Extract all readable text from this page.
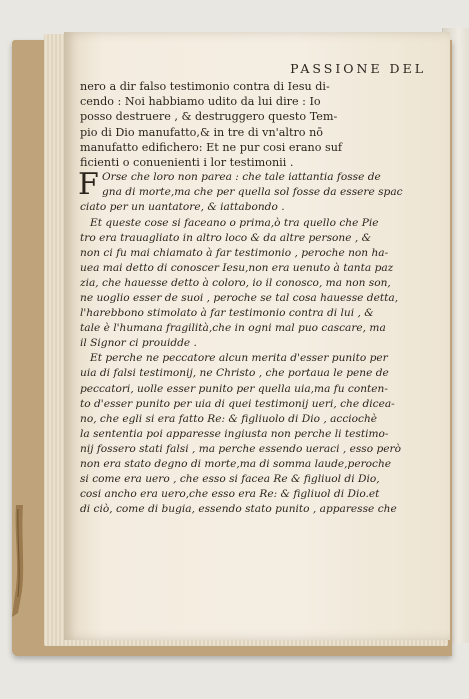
PASSIONE DEL
nero a dir falso testimonio contra di Iesu di-
cendo : Noi habbiamo udito da lui dire : Io
posso destruere , & destruggero questo Tem-
pio di Dio manufatto,& in tre di vn'altro nō
manufatto edifichero: Et ne pur cosi erano suf
ficienti o conuenienti i lor testimonii .
F Orse che loro non parea : che tale iattantia fosse de
gna di morte,ma che per quella sol fosse da essere spac
ciato per un uantatore, & iattabondo .
Et queste cose si faceano o prima,ò tra quello che Pie
tro era trauagliato in altro loco & da altre persone , &
non ci fu mai chiamato à far testimonio , peroche non ha-
uea mai detto di conoscer Iesu,non era uenuto à tanta paz
zia, che hauesse detto à coloro, io il conosco, ma non son,
ne uoglio esser de suoi , peroche se tal cosa hauesse detta,
l'harebbono stimolato à far testimonio contra di lui , &
tale è l'humana fragilità,che in ogni mal puo cascare, ma
il Signor ci prouidde .
Et perche ne peccatore alcun merita d'esser punito per
uia di falsi testimonij, ne Christo , che portaua le pene de
peccatori, uolle esser punito per quella uia,ma fu conten-
to d'esser punito per uia di quei testimonij ueri, che dicea-
no, che egli si era fatto Re: & figliuolo di Dio , acciochè
la sententia poi apparesse ingiusta non perche li testimo-
nij fossero stati falsi , ma perche essendo ueraci , esso però
non era stato degno di morte,ma di somma laude,peroche
si come era uero , che esso si facea Re & figliuol di Dio,
cosi ancho era uero,che esso era Re: & figliuol di Dio.et
di ciò, come di bugia, essendo stato punito , apparesse che
